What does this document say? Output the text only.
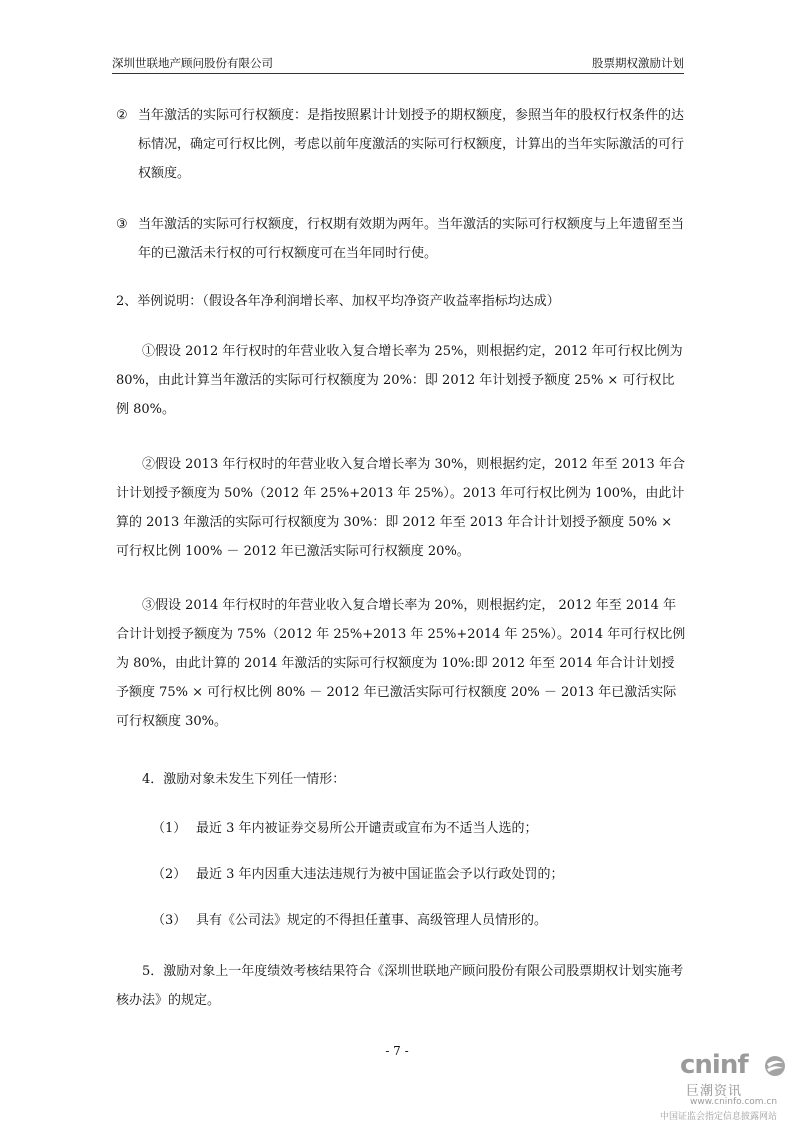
深圳世联地产顾问股份有限公司	股票期权激励计划
② 当年激活的实际可行权额度：是指按照累计计划授予的期权额度，参照当年的股权行权条件的达标情况，确定可行权比例，考虑以前年度激活的实际可行权额度，计算出的当年实际激活的可行权额度。
③ 当年激活的实际可行权额度，行权期有效期为两年。当年激活的实际可行权额度与上年遗留至当年的已激活未行权的可行权额度可在当年同时行使。
2、举例说明：（假设各年净利润增长率、加权平均净资产收益率指标均达成）
①假设 2012 年行权时的年营业收入复合增长率为 25%，则根据约定，2012 年可行权比例为 80%，由此计算当年激活的实际可行权额度为 20%：即 2012 年计划授予额度 25% × 可行权比例 80%。
②假设 2013 年行权时的年营业收入复合增长率为 30%，则根据约定，2012 年至 2013 年合计计划授予额度为 50%（2012 年 25%+2013 年 25%）。2013 年可行权比例为 100%，由此计算的 2013 年激活的实际可行权额度为 30%：即 2012 年至 2013 年合计计划授予额度 50% × 可行权比例 100% － 2012 年已激活实际可行权额度 20%。
③假设 2014 年行权时的年营业收入复合增长率为 20%，则根据约定， 2012 年至 2014 年合计计划授予额度为 75%（2012 年 25%+2013 年 25%+2014 年 25%）。2014 年可行权比例为 80%，由此计算的 2014 年激活的实际可行权额度为 10%:即 2012 年至 2014 年合计计划授予额度 75% × 可行权比例 80% － 2012 年已激活实际可行权额度 20% － 2013 年已激活实际可行权额度 30%。
4．激励对象未发生下列任一情形：
（1） 最近 3 年内被证券交易所公开谴责或宣布为不适当人选的；
（2） 最近 3 年内因重大违法违规行为被中国证监会予以行政处罚的；
（3） 具有《公司法》规定的不得担任董事、高级管理人员情形的。
5．激励对象上一年度绩效考核结果符合《深圳世联地产顾问股份有限公司股票期权计划实施考核办法》的规定。
- 7 -	cninf
巨潮资讯
www.cninfo.com.cn
中国证监会指定信息披露网站
